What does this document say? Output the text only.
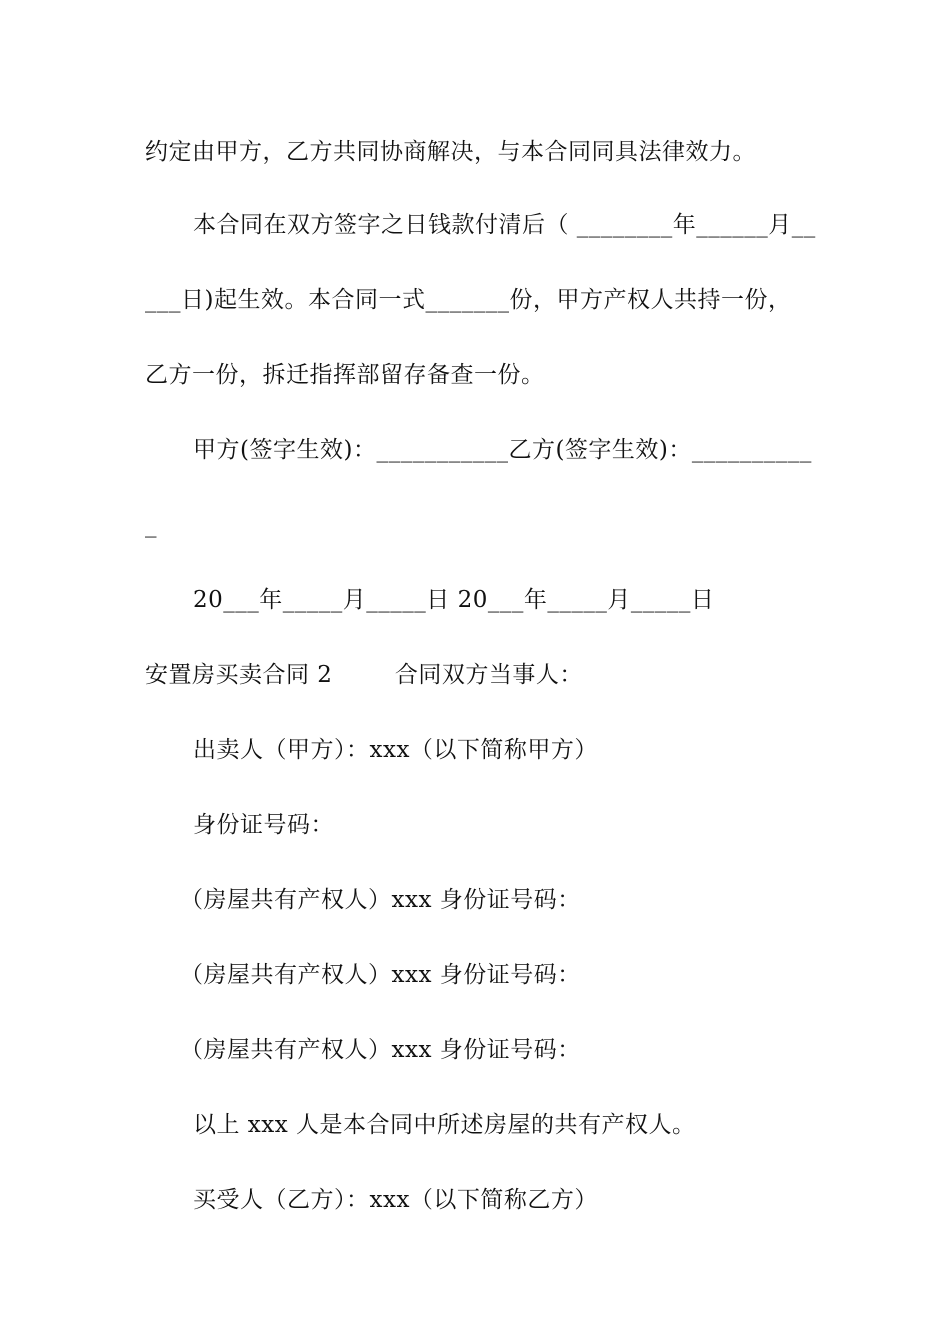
约定由甲方，乙方共同协商解决，与本合同同具法律效力。
本合同在双方签字之日钱款付清后（ ________年______月__
___日)起生效。本合同一式_______份，甲方产权人共持一份，
乙方一份，拆迁指挥部留存备查一份。
甲方(签字生效)：___________乙方(签字生效)：__________
_
20___年_____月_____日 20___年_____月_____日
安置房买卖合同 2        合同双方当事人：
出卖人（甲方）：xxx（以下简称甲方）
身份证号码：
（房屋共有产权人）xxx 身份证号码：
（房屋共有产权人）xxx 身份证号码：
（房屋共有产权人）xxx 身份证号码：
以上 xxx 人是本合同中所述房屋的共有产权人。
买受人（乙方）：xxx（以下简称乙方）
